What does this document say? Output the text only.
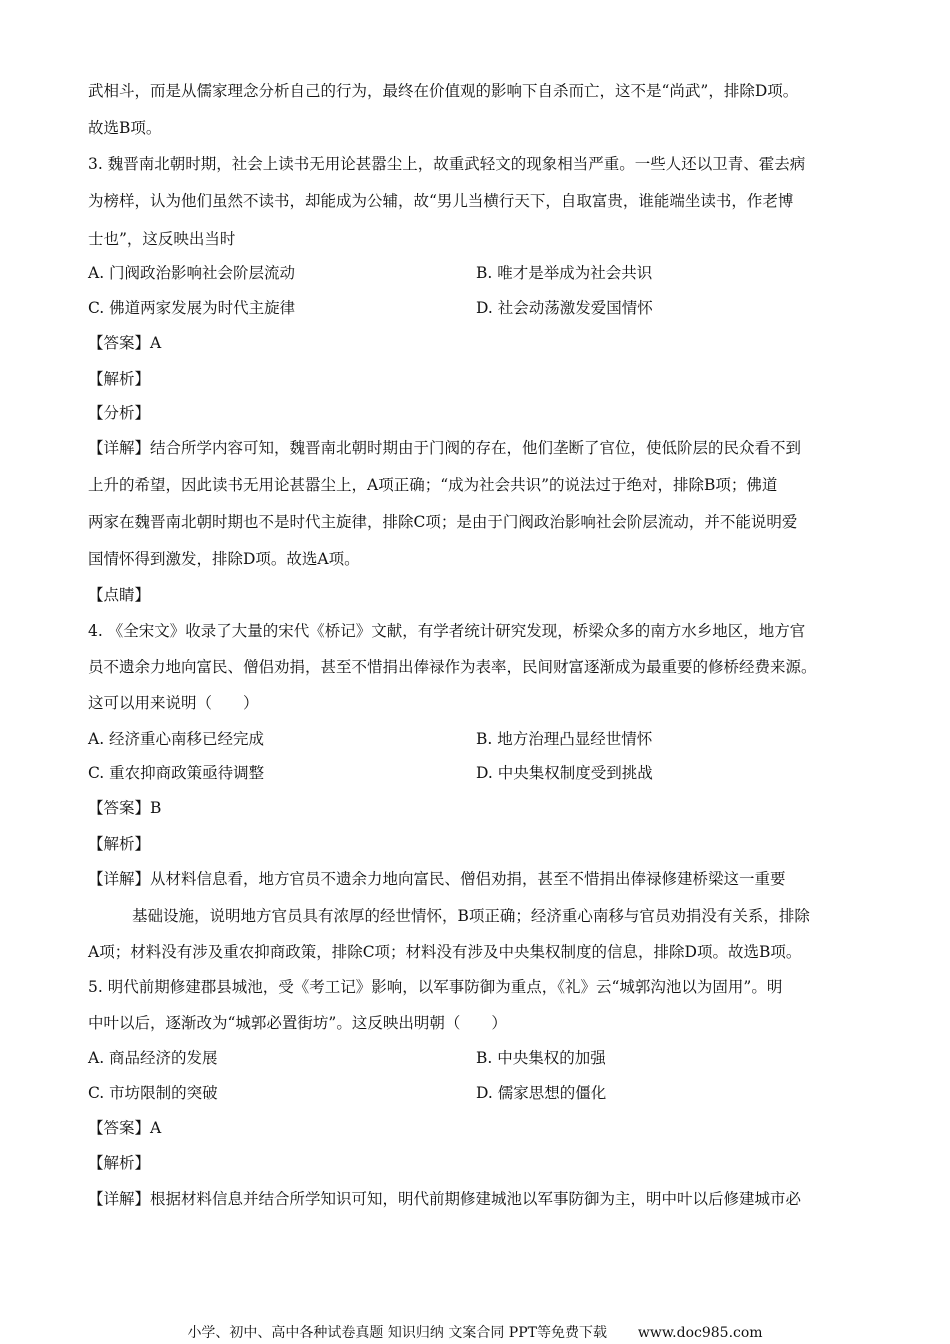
武相斗，而是从儒家理念分析自己的行为，最终在价值观的影响下自杀而亡，这不是“尚武”，排除D项。
故选B项。
3. 魏晋南北朝时期，社会上读书无用论甚嚣尘上，故重武轻文的现象相当严重。一些人还以卫青、霍去病
为榜样，认为他们虽然不读书，却能成为公辅，故“男儿当横行天下，自取富贵，谁能端坐读书，作老博
士也”，这反映出当时
A. 门阀政治影响社会阶层流动	B. 唯才是举成为社会共识
C. 佛道两家发展为时代主旋律	D. 社会动荡激发爱国情怀
【答案】A
【解析】
【分析】
【详解】结合所学内容可知，魏晋南北朝时期由于门阀的存在，他们垄断了官位，使低阶层的民众看不到
上升的希望，因此读书无用论甚嚣尘上，A项正确；“成为社会共识”的说法过于绝对，排除B项；佛道
两家在魏晋南北朝时期也不是时代主旋律，排除C项；是由于门阀政治影响社会阶层流动，并不能说明爱
国情怀得到激发，排除D项。故选A项。
【点睛】
4. 《全宋文》收录了大量的宋代《桥记》文献，有学者统计研究发现，桥梁众多的南方水乡地区，地方官
员不遗余力地向富民、僧侣劝捐，甚至不惜捐出俸禄作为表率，民间财富逐渐成为最重要的修桥经费来源。
这可以用来说明（　　）
A. 经济重心南移已经完成	B. 地方治理凸显经世情怀
C. 重农抑商政策亟待调整	D. 中央集权制度受到挑战
【答案】B
【解析】
【详解】从材料信息看，地方官员不遗余力地向富民、僧侣劝捐，甚至不惜捐出俸禄修建桥梁这一重要
基础设施，说明地方官员具有浓厚的经世情怀，B项正确；经济重心南移与官员劝捐没有关系，排除
A项；材料没有涉及重农抑商政策，排除C项；材料没有涉及中央集权制度的信息，排除D项。故选B项。
5. 明代前期修建郡县城池，受《考工记》影响，以军事防御为重点，《礼》云“城郭沟池以为固用”。明
中叶以后，逐渐改为“城郭必置街坊”。这反映出明朝（　　）
A. 商品经济的发展	B. 中央集权的加强
C. 市坊限制的突破	D. 儒家思想的僵化
【答案】A
【解析】
【详解】根据材料信息并结合所学知识可知，明代前期修建城池以军事防御为主，明中叶以后修建城市必
小学、初中、高中各种试卷真题 知识归纳 文案合同 PPT等免费下载 www.doc985.com
